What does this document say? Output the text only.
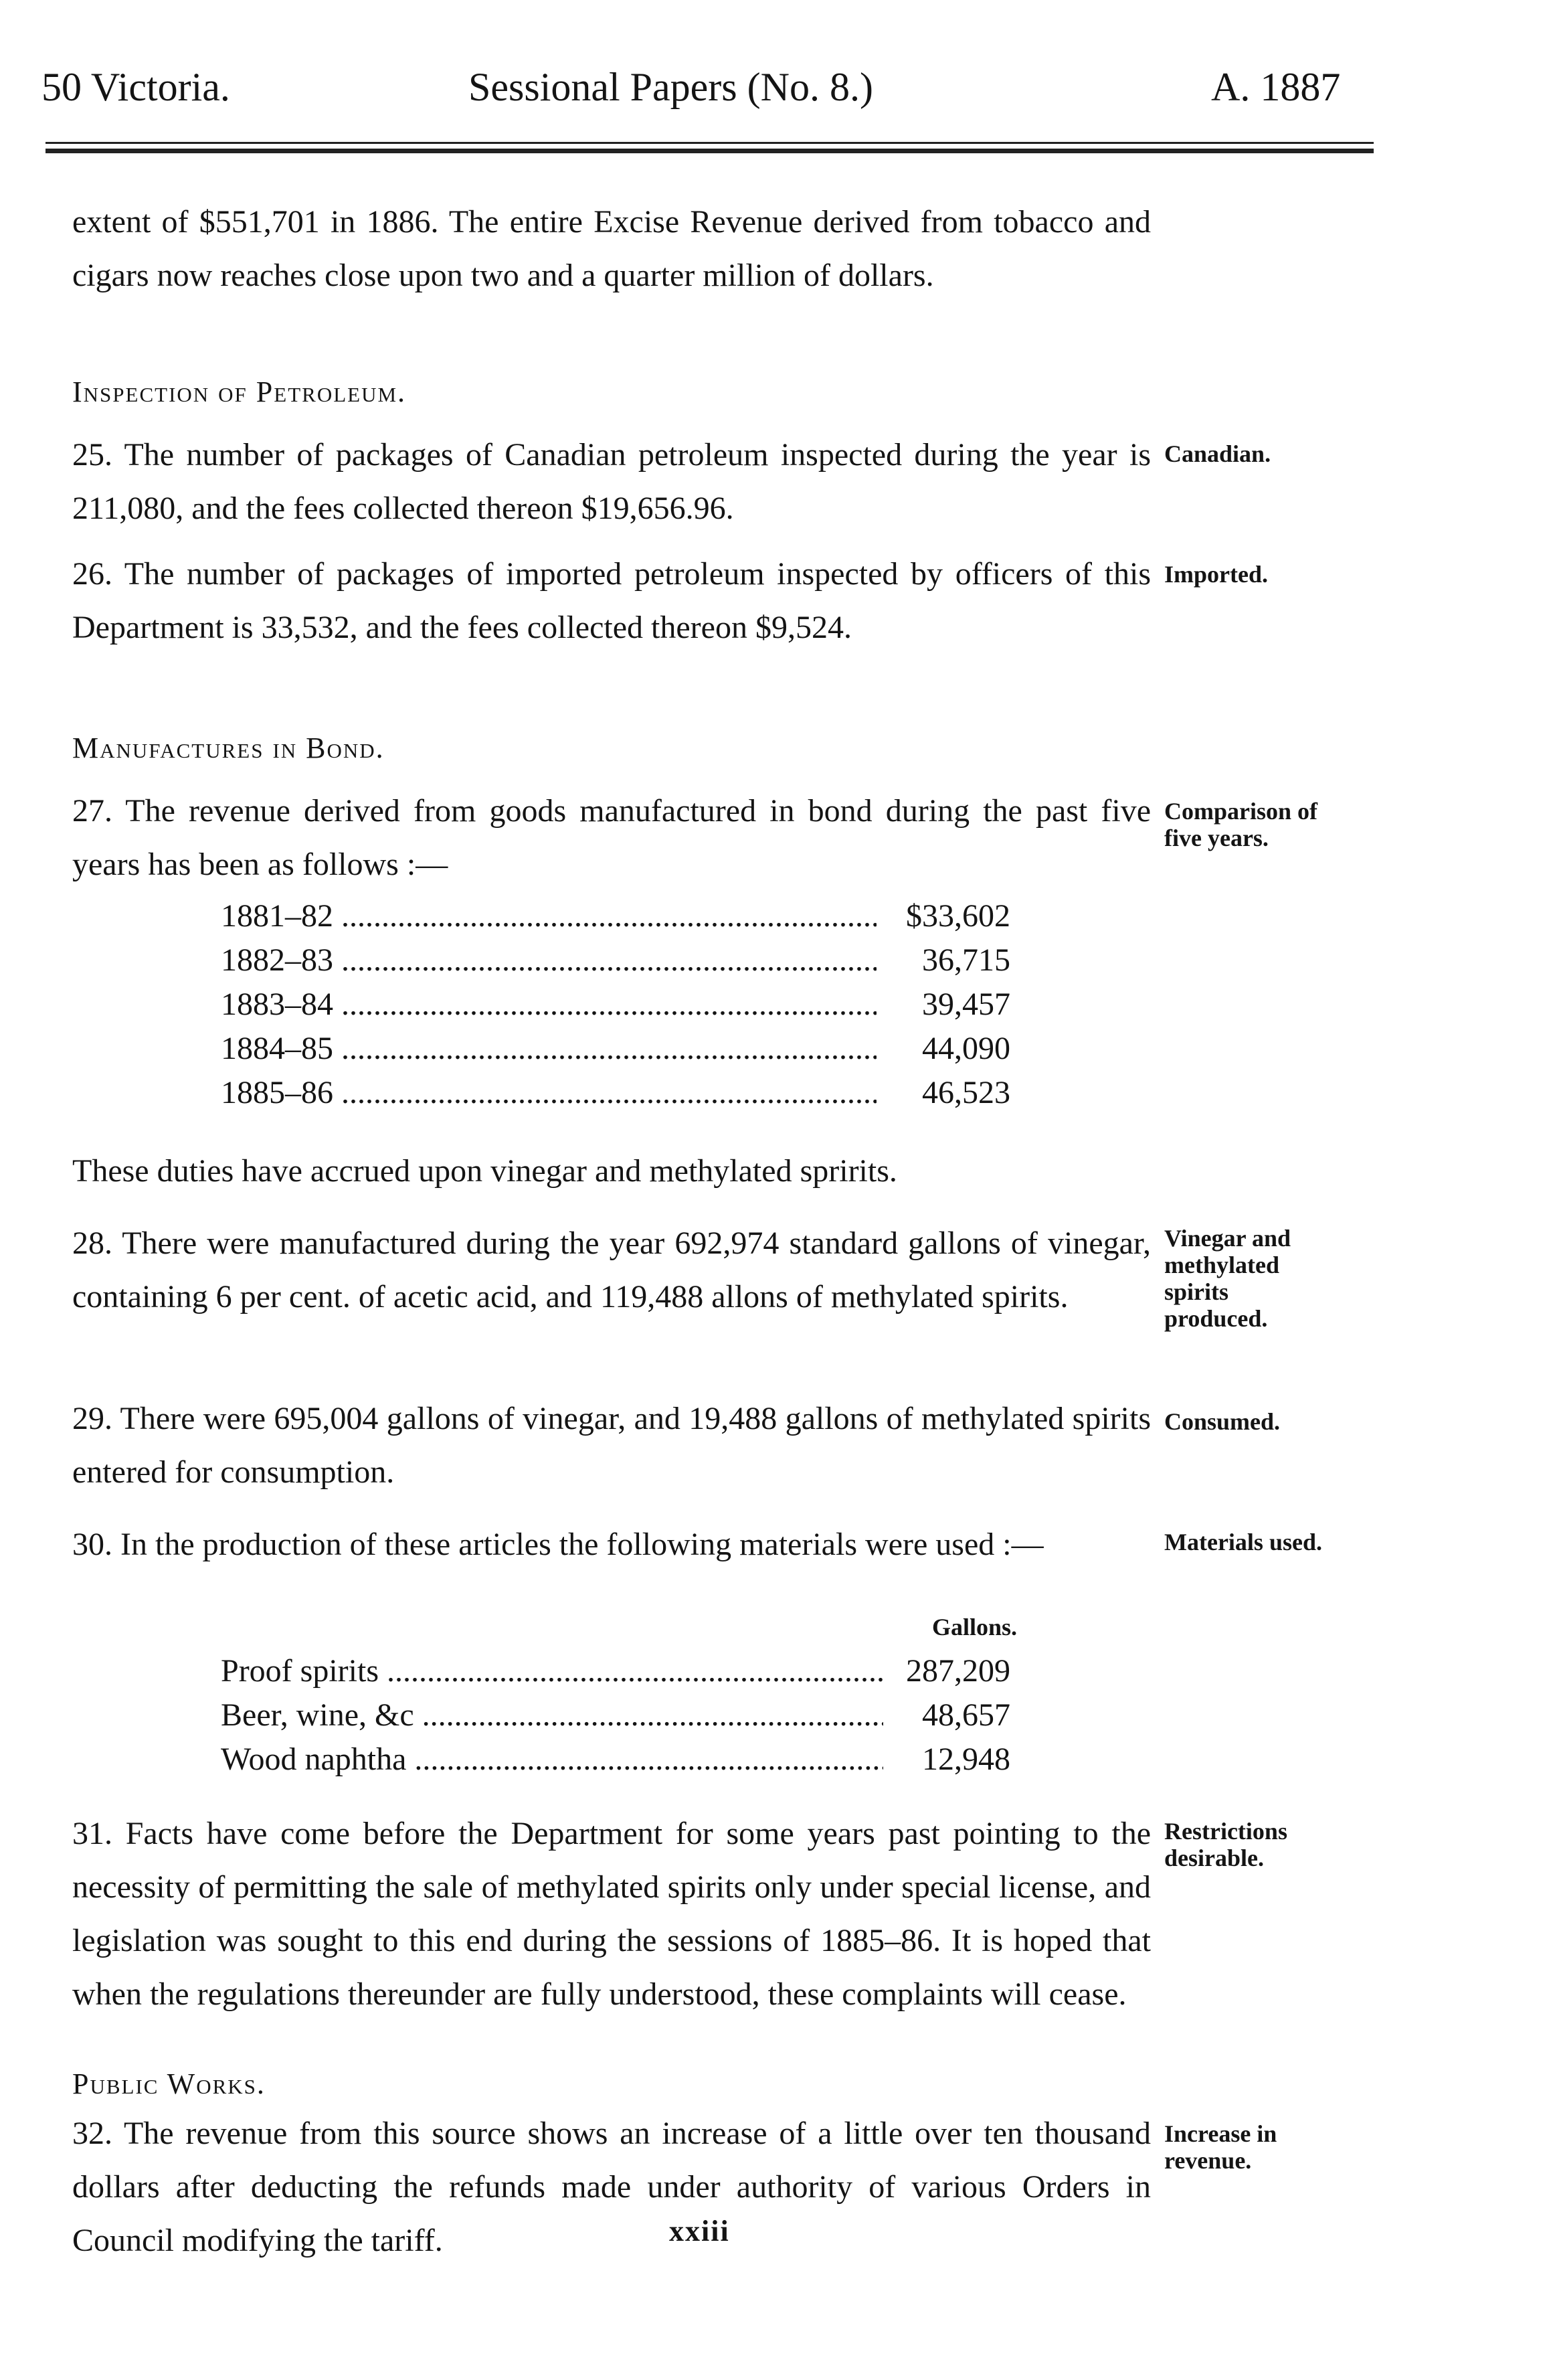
50 Victoria.	Sessional Papers (No. 8.)	A. 1887
extent of $551,701 in 1886. The entire Excise Revenue derived from tobacco and cigars now reaches close upon two and a quarter million of dollars.
Inspection of Petroleum.
25. The number of packages of Canadian petroleum inspected during the year is 211,080, and the fees collected thereon $19,656.96.
Canadian.
26. The number of packages of imported petroleum inspected by officers of this Department is 33,532, and the fees collected thereon $9,524.
Imported.
Manufactures in Bond.
27. The revenue derived from goods manufactured in bond during the past five years has been as follows :—
Comparison of five years.
1881–82 .....	$33,602
1882–83 .....	36,715
1883–84 .....	39,457
1884–85 .....	44,090
1885–86 .....	46,523
These duties have accrued upon vinegar and methylated spririts.
28. There were manufactured during the year 692,974 standard gallons of vinegar, containing 6 per cent. of acetic acid, and 119,488 allons of methylated spirits.
Vinegar and methylated spirits produced.
29. There were 695,004 gallons of vinegar, and 19,488 gallons of methylated spirits entered for consumption.
Consumed.
30. In the production of these articles the following materials were used :—	Materials used.
Gallons.
Proof spirits .....	287,209
Beer, wine, &c .....	48,657
Wood naphtha .....	12,948
31. Facts have come before the Department for some years past pointing to the necessity of permitting the sale of methylated spirits only under special license, and legislation was sought to this end during the sessions of 1885–86. It is hoped that when the regulations thereunder are fully understood, these complaints will cease.
Restrictions desirable.
Public Works.
32. The revenue from this source shows an increase of a little over ten thousand dollars after deducting the refunds made under authority of various Orders in Council modifying the tariff.
Increase in revenue.
xxiii
